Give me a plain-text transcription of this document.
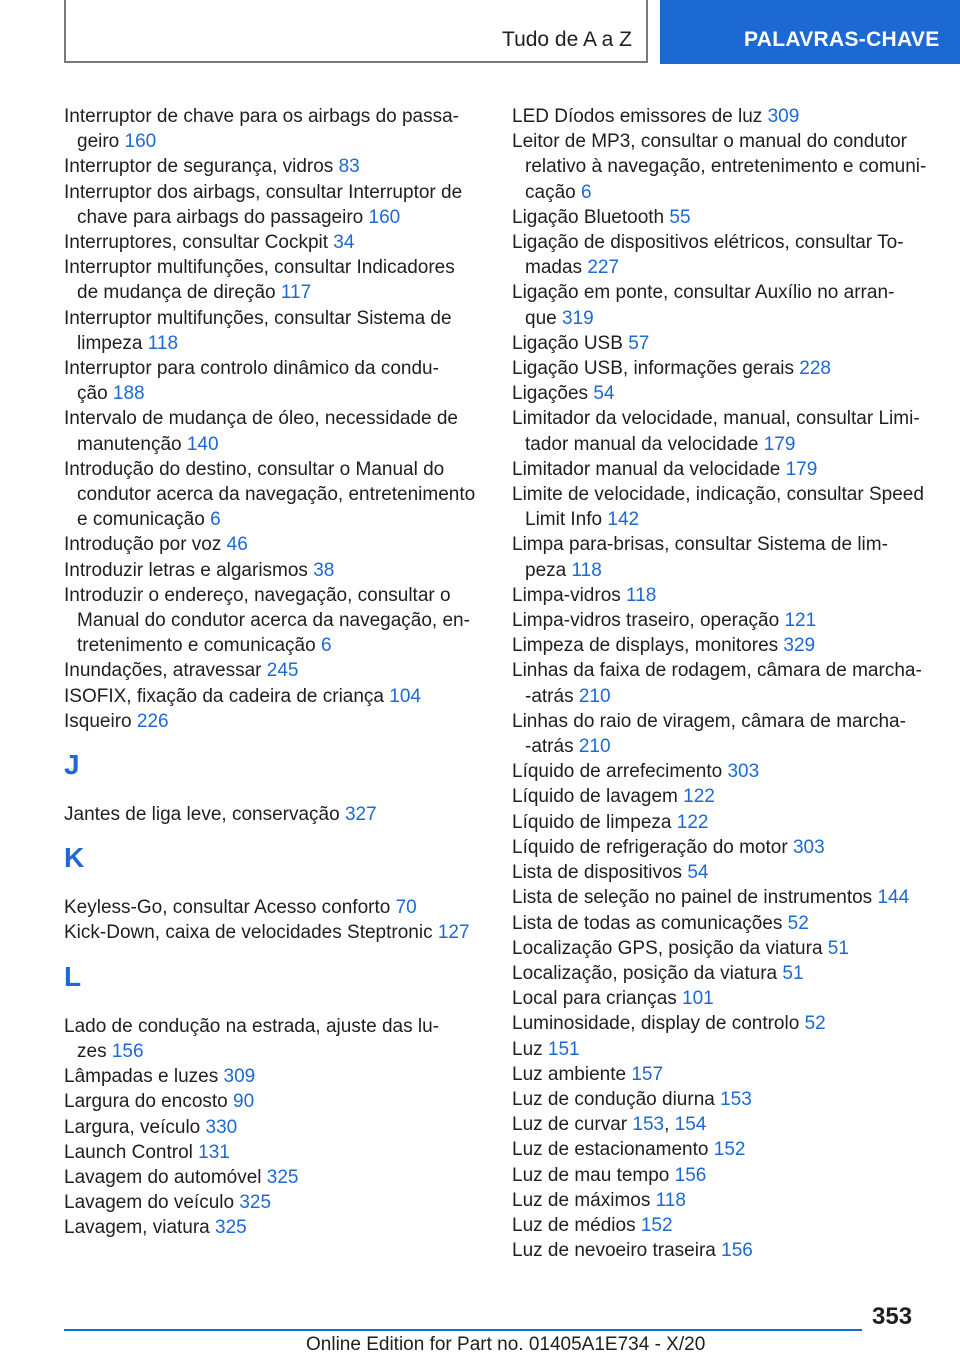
Tudo de A a Z	PALAVRAS-CHAVE

Interruptor de chave para os airbags do passa-
geiro 160

Interruptor de segurança, vidros 83

Interruptor dos airbags, consultar Interruptor de
chave para airbags do passageiro 160

Interruptores, consultar Cockpit 34

Interruptor multifunções, consultar Indicadores
de mudança de direção 117

Interruptor multifunções, consultar Sistema de
limpeza 118

Interruptor para controlo dinâmico da condu-
ção 188

Intervalo de mudança de óleo, necessidade de
manutenção 140

Introdução do destino, consultar o Manual do
condutor acerca da navegação, entretenimento
e comunicação 6

Introdução por voz 46

Introduzir letras e algarismos 38

Introduzir o endereço, navegação, consultar o
Manual do condutor acerca da navegação, en-
tretenimento e comunicação 6

Inundações, atravessar 245

ISOFIX, fixação da cadeira de criança 104

Isqueiro 226

J

Jantes de liga leve, conservação 327

K

Keyless-Go, consultar Acesso conforto 70

Kick-Down, caixa de velocidades Steptronic 127

L

Lado de condução na estrada, ajuste das lu-
zes 156

Lâmpadas e luzes 309

Largura do encosto 90

Largura, veículo 330

Launch Control 131

Lavagem do automóvel 325

Lavagem do veículo 325

Lavagem, viatura 325

LED Díodos emissores de luz 309

Leitor de MP3, consultar o manual do condutor
relativo à navegação, entretenimento e comuni-
cação 6

Ligação Bluetooth 55

Ligação de dispositivos elétricos, consultar To-
madas 227

Ligação em ponte, consultar Auxílio no arran-
que 319

Ligação USB 57

Ligação USB, informações gerais 228

Ligações 54

Limitador da velocidade, manual, consultar Limi-
tador manual da velocidade 179

Limitador manual da velocidade 179

Limite de velocidade, indicação, consultar Speed
Limit Info 142

Limpa para-brisas, consultar Sistema de lim-
peza 118

Limpa-vidros 118

Limpa-vidros traseiro, operação 121

Limpeza de displays, monitores 329

Linhas da faixa de rodagem, câmara de marcha-
-atrás 210

Linhas do raio de viragem, câmara de marcha-
-atrás 210

Líquido de arrefecimento 303

Líquido de lavagem 122

Líquido de limpeza 122

Líquido de refrigeração do motor 303

Lista de dispositivos 54

Lista de seleção no painel de instrumentos 144

Lista de todas as comunicações 52

Localização GPS, posição da viatura 51

Localização, posição da viatura 51

Local para crianças 101

Luminosidade, display de controlo 52

Luz 151

Luz ambiente 157

Luz de condução diurna 153

Luz de curvar 153, 154

Luz de estacionamento 152

Luz de mau tempo 156

Luz de máximos 118

Luz de médios 152

Luz de nevoeiro traseira 156

353
Online Edition for Part no. 01405A1E734 - X/20
